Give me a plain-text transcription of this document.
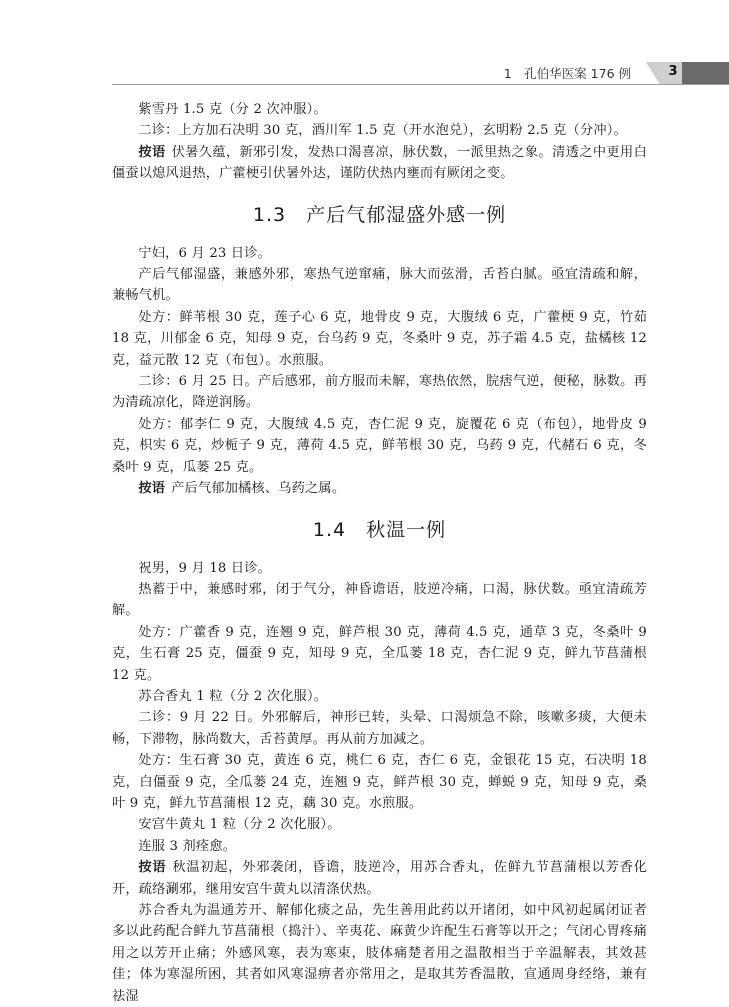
1　孔伯华医案 176 例	3

紫雪丹 1.5 克（分 2 次冲服）。

二诊：上方加石决明 30 克，酒川军 1.5 克（开水泡兑），玄明粉 2.5 克（分冲）。

按语 伏暑久蕴，新邪引发，发热口渴喜凉，脉伏数，一派里热之象。清透之中更用白僵蚕以熄风退热，广藿梗引伏暑外达，谨防伏热内壅而有厥闭之变。

1.3 产后气郁湿盛外感一例

宁妇，6 月 23 日诊。

产后气郁湿盛，兼感外邪，寒热气逆窜痛，脉大而弦滑，舌苔白腻。亟宜清疏和解，兼畅气机。

处方：鲜苇根 30 克，莲子心 6 克，地骨皮 9 克，大腹绒 6 克，广藿梗 9 克，竹茹 18 克，川郁金 6 克，知母 9 克，台乌药 9 克，冬桑叶 9 克，苏子霜 4.5 克，盐橘核 12 克，益元散 12 克（布包）。水煎服。

二诊：6 月 25 日。产后感邪，前方服而未解，寒热依然，脘痞气逆，便秘，脉数。再为清疏凉化，降逆润肠。

处方：郁李仁 9 克，大腹绒 4.5 克，杏仁泥 9 克，旋覆花 6 克（布包），地骨皮 9 克，枳实 6 克，炒栀子 9 克，薄荷 4.5 克，鲜苇根 30 克，乌药 9 克，代赭石 6 克，冬桑叶 9 克，瓜蒌 25 克。

按语 产后气郁加橘核、乌药之属。

1.4 秋温一例

祝男，9 月 18 日诊。

热蓄于中，兼感时邪，闭于气分，神昏谵语，肢逆冷痛，口渴，脉伏数。亟宜清疏芳解。

处方：广藿香 9 克，连翘 9 克，鲜芦根 30 克，薄荷 4.5 克，通草 3 克，冬桑叶 9 克，生石膏 25 克，僵蚕 9 克，知母 9 克，全瓜蒌 18 克，杏仁泥 9 克，鲜九节菖蒲根 12 克。

苏合香丸 1 粒（分 2 次化服）。

二诊：9 月 22 日。外邪解后，神形已转，头晕、口渴烦急不除，咳嗽多痰，大便未畅，下滞物，脉尚数大，舌苔黄厚。再从前方加减之。

处方：生石膏 30 克，黄连 6 克，桃仁 6 克，杏仁 6 克，金银花 15 克，石决明 18 克，白僵蚕 9 克，全瓜蒌 24 克，连翘 9 克，鲜芦根 30 克，蝉蜕 9 克，知母 9 克，桑叶 9 克，鲜九节菖蒲根 12 克，藕 30 克。水煎服。

安宫牛黄丸 1 粒（分 2 次化服）。

连服 3 剂痊愈。

按语 秋温初起，外邪袭闭，昏谵，肢逆冷，用苏合香丸，佐鲜九节菖蒲根以芳香化开，疏络涮邪，继用安宫牛黄丸以清涤伏热。

苏合香丸为温通芳开、解郁化痰之品，先生善用此药以开诸闭，如中风初起属闭证者多以此药配合鲜九节菖蒲根（捣汁）、辛夷花、麻黄少许配生石膏等以开之；气闭心胃疼痛用之以芳开止痛；外感风寒，表为寒束，肢体痛楚者用之温散相当于辛温解表，其效甚佳；体为寒湿所困，其者如风寒湿痹者亦常用之，是取其芳香温散，宣通周身经络，兼有祛湿
